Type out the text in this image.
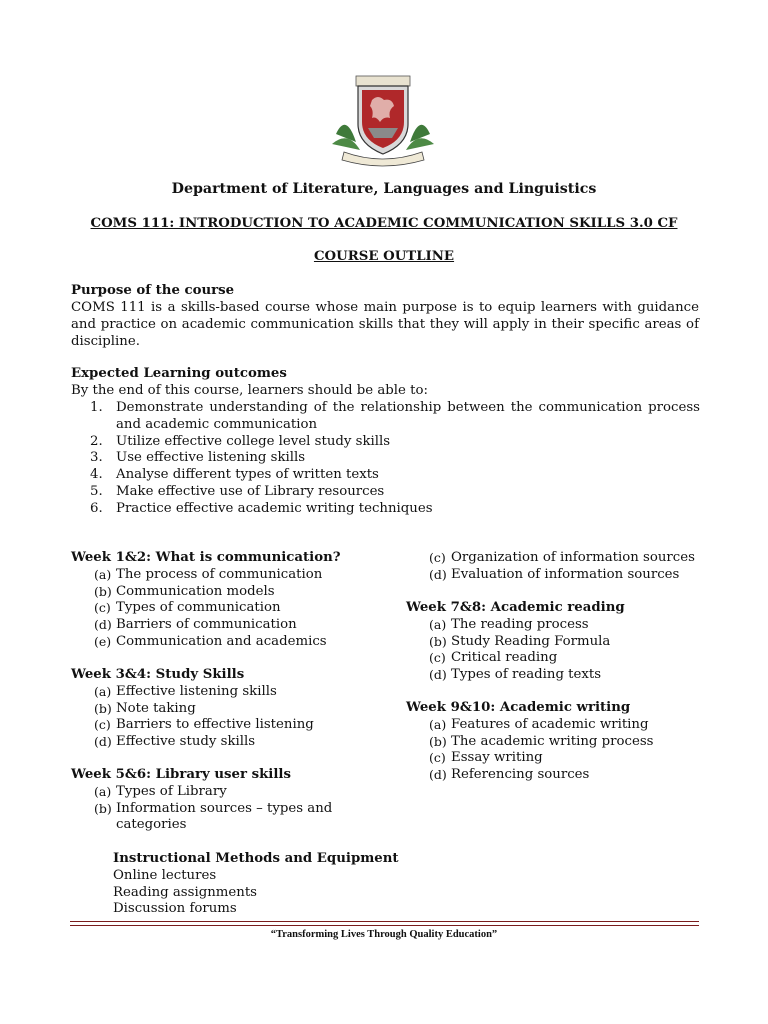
Department of Literature, Languages and Linguistics
COMS 111: INTRODUCTION TO ACADEMIC COMMUNICATION SKILLS 3.0 CF
COURSE OUTLINE
Purpose of the course
COMS 111 is a skills-based course whose main purpose is to equip learners with guidance and practice on academic communication skills that they will apply in their specific areas of discipline.
Expected Learning outcomes
By the end of this course, learners should be able to:
1. Demonstrate understanding of the relationship between the communication process and academic communication
2. Utilize effective college level study skills
3. Use effective listening skills
4. Analyse different types of written texts
5. Make effective use of Library resources
6. Practice effective academic writing techniques
Week 1&2: What is communication?
(a) The process of communication
(b) Communication models
(c) Types of communication
(d) Barriers of communication
(e) Communication and academics
Week 3&4: Study Skills
(a) Effective listening skills
(b) Note taking
(c) Barriers to effective listening
(d) Effective study skills
Week 5&6: Library user skills
(a) Types of Library
(b) Information sources – types and categories
(c) Organization of information sources
(d) Evaluation of information sources
Week 7&8: Academic reading
(a) The reading process
(b) Study Reading Formula
(c) Critical reading
(d) Types of reading texts
Week 9&10: Academic writing
(a) Features of academic writing
(b) The academic writing process
(c) Essay writing
(d) Referencing sources
Instructional Methods and Equipment
Online lectures
Reading assignments
Discussion forums
“Transforming Lives Through Quality Education”
